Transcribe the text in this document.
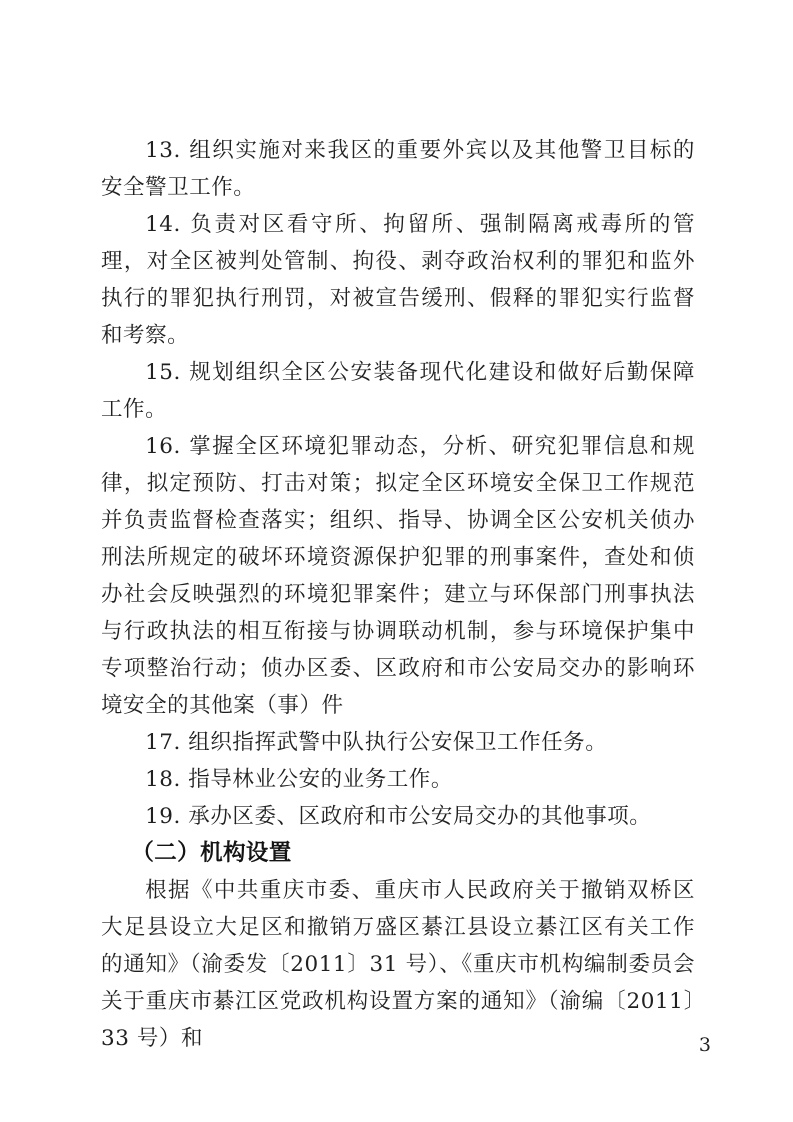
13. 组织实施对来我区的重要外宾以及其他警卫目标的安全警卫工作。

14. 负责对区看守所、拘留所、强制隔离戒毒所的管理，对全区被判处管制、拘役、剥夺政治权利的罪犯和监外执行的罪犯执行刑罚，对被宣告缓刑、假释的罪犯实行监督和考察。

15. 规划组织全区公安装备现代化建设和做好后勤保障工作。

16. 掌握全区环境犯罪动态，分析、研究犯罪信息和规律，拟定预防、打击对策；拟定全区环境安全保卫工作规范并负责监督检查落实；组织、指导、协调全区公安机关侦办刑法所规定的破坏环境资源保护犯罪的刑事案件，查处和侦办社会反映强烈的环境犯罪案件；建立与环保部门刑事执法与行政执法的相互衔接与协调联动机制，参与环境保护集中专项整治行动；侦办区委、区政府和市公安局交办的影响环境安全的其他案（事）件

17. 组织指挥武警中队执行公安保卫工作任务。

18. 指导林业公安的业务工作。

19. 承办区委、区政府和市公安局交办的其他事项。

（二）机构设置

根据《中共重庆市委、重庆市人民政府关于撤销双桥区大足县设立大足区和撤销万盛区綦江县设立綦江区有关工作的通知》（渝委发〔2011〕31 号）、《重庆市机构编制委员会关于重庆市綦江区党政机构设置方案的通知》（渝编〔2011〕33 号）和	3
